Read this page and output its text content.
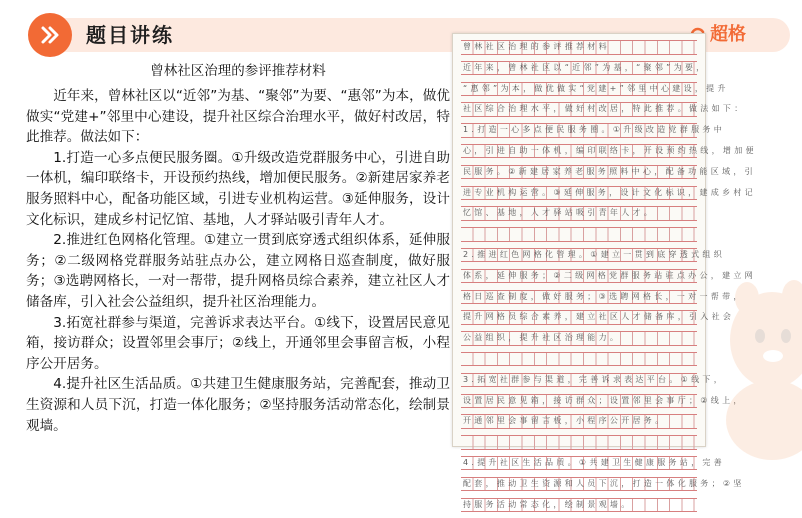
题目讲练	超格
曾林社区治理的参评推荐材料

近年来，曾林社区以“近邻”为基、“聚邻”为要、“惠邻”为本，做优做实“党建+”邻里中心建设，提升社区综合治理水平，做好村改居，特此推荐。做法如下：

1.打造一心多点便民服务圈。①升级改造党群服务中心，引进自助一体机，编印联络卡，开设预约热线，增加便民服务。②新建居家养老服务照料中心，配备功能区域，引进专业机构运营。③延伸服务，设计文化标识，建成乡村记忆馆、基地，人才驿站吸引青年人才。

2.推进红色网格化管理。①建立一贯到底穿透式组织体系，延伸服务；②二级网格党群服务站驻点办公，建立网格日巡查制度，做好服务；③选聘网格长，一对一帮带，提升网格员综合素养，建立社区人才储备库，引入社会公益组织，提升社区治理能力。

3.拓宽社群参与渠道，完善诉求表达平台。①线下，设置居民意见箱，接访群众；设置邻里会事厅；②线上，开通邻里会事留言板，小程序公开居务。

4.提升社区生活品质。①共建卫生健康服务站，完善配套，推动卫生资源和人员下沉，打造一体化服务；②坚持服务活动常态化，绘制景观墙。

曾林社区治理的参评推荐材料
近年来，曾林社区以“近邻”为基，“聚邻”为要，
“惠邻”为本，做优做实“党建+”邻里中心建设，提升
社区综合治理水平，做好村改居，特此推荐。做法如下：
1.打造一心多点便民服务圈。①升级改造党群服务中
心，引进自助一体机，编印联络卡，开设预约热线，增加便
民服务。②新建居家养老服务照料中心，配备功能区域，引
进专业机构运营。③延伸服务，设计文化标识，建成乡村记
忆馆、基地，人才驿站吸引青年人才。
2.推进红色网格化管理。①建立一贯到底穿透式组织
体系，延伸服务；②二级网格党群服务站驻点办公，建立网
格日巡查制度，做好服务；③选聘网格长，一对一帮带，
提升网格员综合素养，建立社区人才储备库，引入社会
公益组织，提升社区治理能力。
3.拓宽社群参与渠道，完善诉求表达平台。①线下，
设置居民意见箱，接访群众；设置邻里会事厅；②线上，
开通邻里会事留言板，小程序公开居务。
4.提升社区生活品质。①共建卫生健康服务站，完善
配套，推动卫生资源和人员下沉，打造一体化服务；②坚
持服务活动常态化，绘制景观墙。
